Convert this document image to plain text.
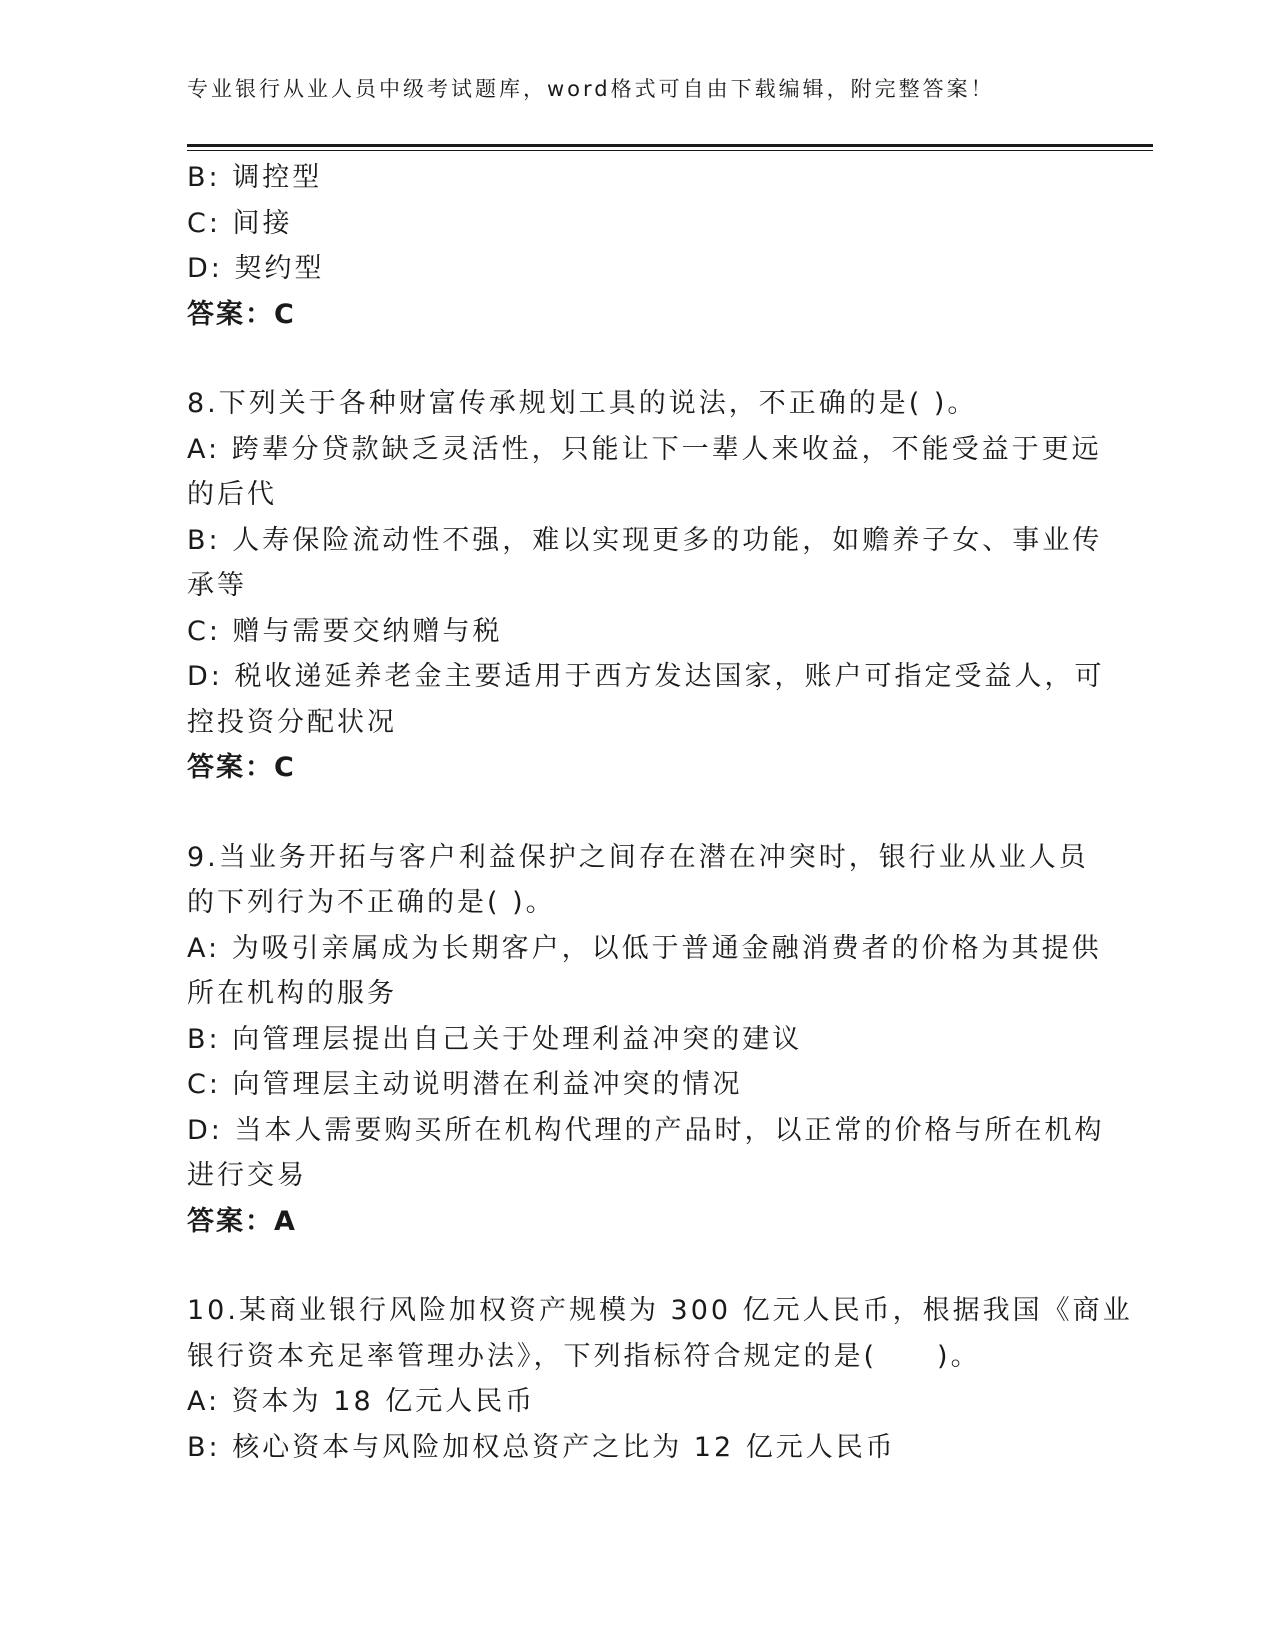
专业银行从业人员中级考试题库，word格式可自由下载编辑，附完整答案！
B: 调控型
C: 间接
D: 契约型
答案：C
8.下列关于各种财富传承规划工具的说法，不正确的是( )。
A: 跨辈分贷款缺乏灵活性，只能让下一辈人来收益，不能受益于更远
的后代
B: 人寿保险流动性不强，难以实现更多的功能，如赡养子女、事业传
承等
C: 赠与需要交纳赠与税
D: 税收递延养老金主要适用于西方发达国家，账户可指定受益人，可
控投资分配状况
答案：C
9.当业务开拓与客户利益保护之间存在潜在冲突时，银行业从业人员
的下列行为不正确的是( )。
A: 为吸引亲属成为长期客户，以低于普通金融消费者的价格为其提供
所在机构的服务
B: 向管理层提出自己关于处理利益冲突的建议
C: 向管理层主动说明潜在利益冲突的情况
D: 当本人需要购买所在机构代理的产品时，以正常的价格与所在机构
进行交易
答案：A
10.某商业银行风险加权资产规模为 300 亿元人民币，根据我国《商业
银行资本充足率管理办法》，下列指标符合规定的是(　　)。
A: 资本为 18 亿元人民币
B: 核心资本与风险加权总资产之比为 12 亿元人民币
